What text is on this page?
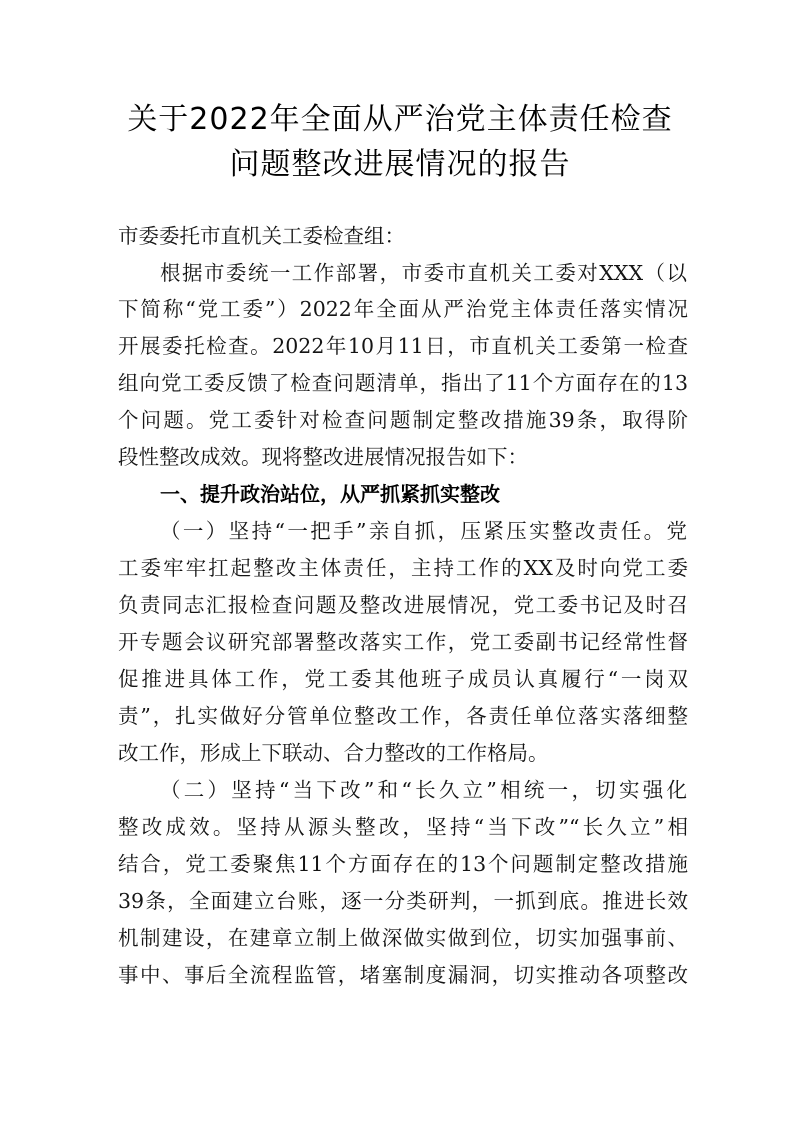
关于2022年全面从严治党主体责任检查
问题整改进展情况的报告
市委委托市直机关工委检查组：
根据市委统一工作部署，市委市直机关工委对XXX（以
下简称“党工委”）2022年全面从严治党主体责任落实情况
开展委托检查。2022年10月11日，市直机关工委第一检查
组向党工委反馈了检查问题清单，指出了11个方面存在的13
个问题。党工委针对检查问题制定整改措施39条，取得阶
段性整改成效。现将整改进展情况报告如下：
一、提升政治站位，从严抓紧抓实整改
（一）坚持“一把手”亲自抓，压紧压实整改责任。党
工委牢牢扛起整改主体责任，主持工作的XX及时向党工委
负责同志汇报检查问题及整改进展情况，党工委书记及时召
开专题会议研究部署整改落实工作，党工委副书记经常性督
促推进具体工作，党工委其他班子成员认真履行“一岗双
责”，扎实做好分管单位整改工作，各责任单位落实落细整
改工作，形成上下联动、合力整改的工作格局。
（二）坚持“当下改”和“长久立”相统一，切实强化
整改成效。坚持从源头整改，坚持“当下改”“长久立”相
结合，党工委聚焦11个方面存在的13个问题制定整改措施
39条，全面建立台账，逐一分类研判，一抓到底。推进长效
机制建设，在建章立制上做深做实做到位，切实加强事前、
事中、事后全流程监管，堵塞制度漏洞，切实推动各项整改
